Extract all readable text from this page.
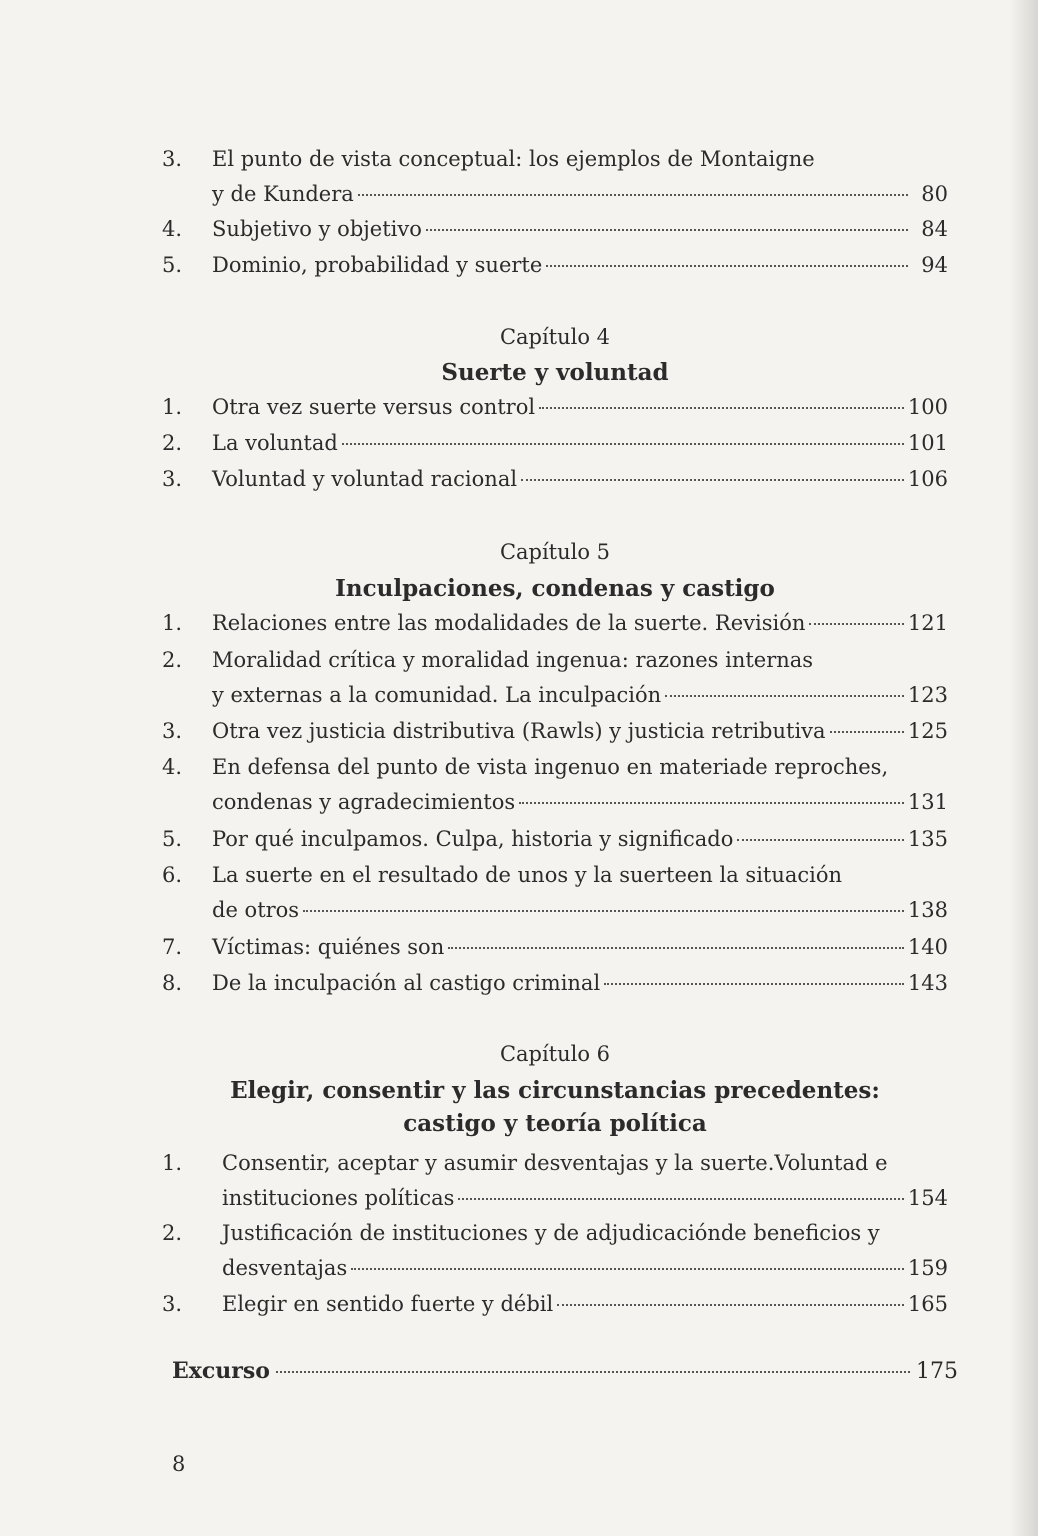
3. El punto de vista conceptual: los ejemplos de Montaigne
y de Kundera	80
4. Subjetivo y objetivo	84
5. Dominio, probabilidad y suerte	94
Capítulo 4
Suerte y voluntad
1. Otra vez suerte versus control	100
2. La voluntad	101
3. Voluntad y voluntad racional	106
Capítulo 5
Inculpaciones, condenas y castigo
1. Relaciones entre las modalidades de la suerte. Revisión	121
2. Moralidad crítica y moralidad ingenua: razones internas
y externas a la comunidad. La inculpación	123
3. Otra vez justicia distributiva (Rawls) y justicia retributiva	125
4. En defensa del punto de vista ingenuo en materiade reproches,
condenas y agradecimientos	131
5. Por qué inculpamos. Culpa, historia y significado	135
6. La suerte en el resultado de unos y la suerteen la situación
de otros	138
7. Víctimas: quiénes son	140
8. De la inculpación al castigo criminal	143
Capítulo 6
Elegir, consentir y las circunstancias precedentes:
castigo y teoría política
1. Consentir, aceptar y asumir desventajas y la suerte.Voluntad e
instituciones políticas	154
2. Justificación de instituciones y de adjudicaciónde beneficios y
desventajas	159
3. Elegir en sentido fuerte y débil	165
Excurso	175
8
